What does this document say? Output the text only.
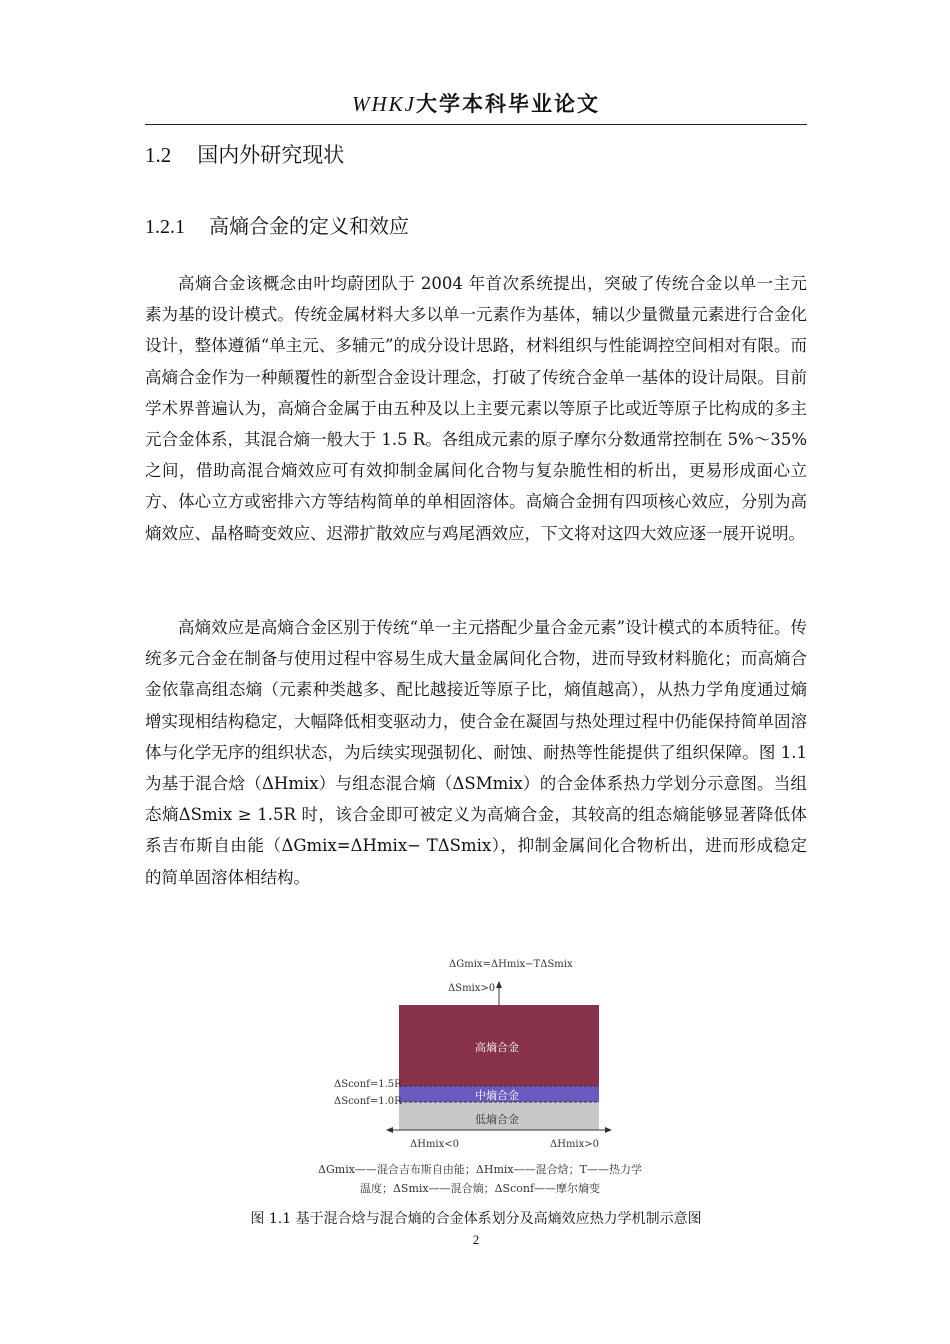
WHKJ大学本科毕业论文
1.2 国内外研究现状
1.2.1 高熵合金的定义和效应

高熵合金该概念由叶均蔚团队于 2004 年首次系统提出，突破了传统合金以单一主元素为基的设计模式。传统金属材料大多以单一元素作为基体，辅以少量微量元素进行合金化设计，整体遵循“单主元、多辅元”的成分设计思路，材料组织与性能调控空间相对有限。而高熵合金作为一种颠覆性的新型合金设计理念，打破了传统合金单一基体的设计局限。目前学术界普遍认为，高熵合金属于由五种及以上主要元素以等原子比或近等原子比构成的多主元合金体系，其混合熵一般大于 1.5 R。各组成元素的原子摩尔分数通常控制在 5%～35% 之间，借助高混合熵效应可有效抑制金属间化合物与复杂脆性相的析出，更易形成面心立方、体心立方或密排六方等结构简单的单相固溶体。高熵合金拥有四项核心效应，分别为高熵效应、晶格畸变效应、迟滞扩散效应与鸡尾酒效应，下文将对这四大效应逐一展开说明。

高熵效应是高熵合金区别于传统“单一主元搭配少量合金元素”设计模式的本质特征。传统多元合金在制备与使用过程中容易生成大量金属间化合物，进而导致材料脆化；而高熵合金依靠高组态熵（元素种类越多、配比越接近等原子比，熵值越高），从热力学角度通过熵增实现相结构稳定，大幅降低相变驱动力，使合金在凝固与热处理过程中仍能保持简单固溶体与化学无序的组织状态，为后续实现强韧化、耐蚀、耐热等性能提供了组织保障。图 1.1 为基于混合焓（ΔHmix）与组态混合熵（ΔSMmix）的合金体系热力学划分示意图。当组态熵ΔSmix ≥ 1.5R 时，该合金即可被定义为高熵合金，其较高的组态熵能够显著降低体系吉布斯自由能（ΔGmix=ΔHmix− TΔSmix），抑制金属间化合物析出，进而形成稳定的简单固溶体相结构。

ΔGmix=ΔHmix−TΔSmix
ΔSmix>0
高熵合金
中熵合金
低熵合金
ΔSconf=1.5R
ΔSconf=1.0R
ΔHmix<0	ΔHmix>0
ΔGmix——混合吉布斯自由能；ΔHmix——混合焓；T——热力学
温度；ΔSmix——混合熵；ΔSconf——摩尔熵变
图 1.1 基于混合焓与混合熵的合金体系划分及高熵效应热力学机制示意图
2
